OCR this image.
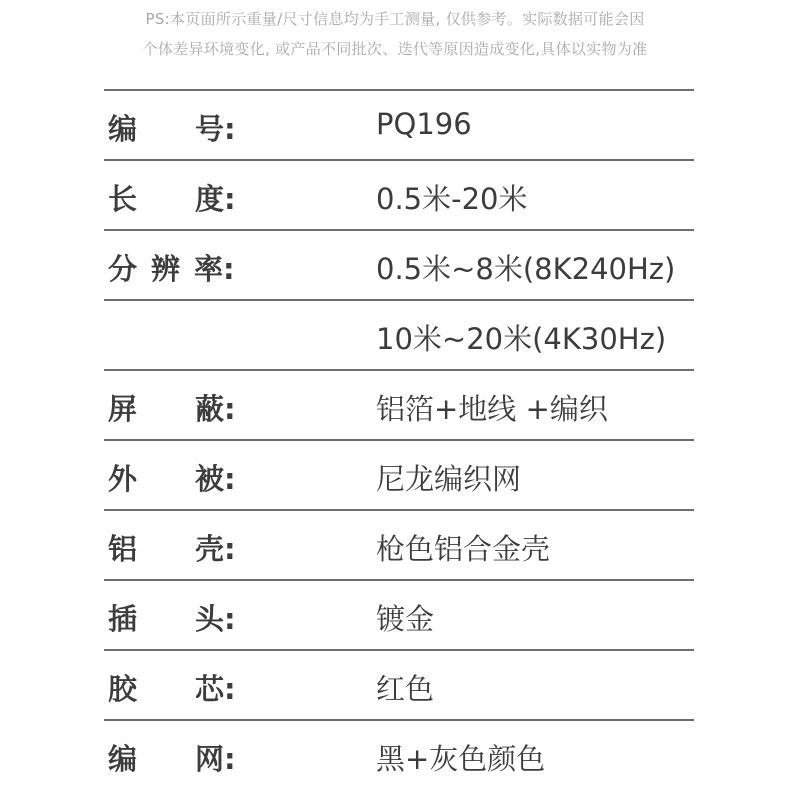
PS:本页面所示重量/尺寸信息均为手工测量, 仅供参考。实际数据可能会因
个体差异环境变化, 或产品不同批次、迭代等原因造成变化,具体以实物为准
编 号:	PQ196
长 度:	0.5米-20米
分 辨 率:	0.5米~8米(8K240Hz)
10米~20米(4K30Hz)
屏 蔽:	铝箔+地线 +编织
外 被:	尼龙编织网
铝 壳:	枪色铝合金壳
插 头:	镀金
胶 芯:	红色
编 网:	黑+灰色颜色
